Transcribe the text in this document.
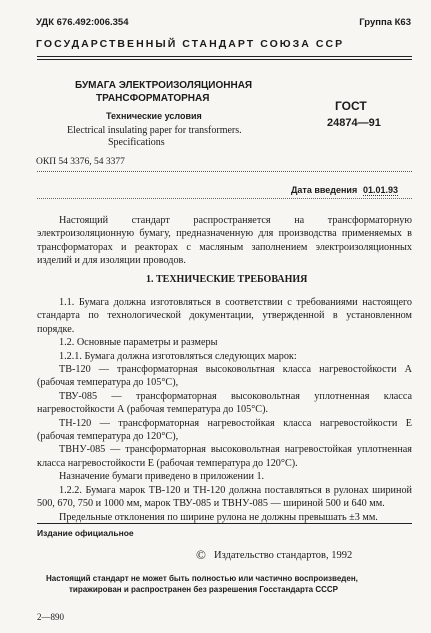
УДК 676.492:006.354	Группа К63
ГОСУДАРСТВЕННЫЙ СТАНДАРТ СОЮЗА ССР
БУМАГА ЭЛЕКТРОИЗОЛЯЦИОННАЯ
ТРАНСФОРМАТОРНАЯ
Технические условия
Electrical insulating paper for transformers.
Specifications
ГОСТ
24874—91
ОКП 54 3376, 54 3377
Дата введения 01.01.93

Настоящий стандарт распространяется на трансформаторную электроизоляционную бумагу, предназначенную для производства применяемых в трансформаторах и реакторах с масляным заполнением электроизоляционных изделий и для изоляции проводов.

1. ТЕХНИЧЕСКИЕ ТРЕБОВАНИЯ

1.1. Бумага должна изготовляться в соответствии с требованиями настоящего стандарта по технологической документации, утвержденной в установленном порядке.

1.2. Основные параметры и размеры

1.2.1. Бумага должна изготовляться следующих марок:

ТВ-120 — трансформаторная высоковольтная класса нагревостойкости А (рабочая температура до 105°С),

ТВУ-085 — трансформаторная высоковольтная уплотненная класса нагревостойкости А (рабочая температура до 105°С).

ТН-120 — трансформаторная нагревостойкая класса нагревостойкости Е (рабочая температура до 120°С),

ТВНУ-085 — трансформаторная высоковольтная нагревостойкая уплотненная класса нагревостойкости Е (рабочая температура до 120°С).

Назначение бумаги приведено в приложении 1.

1.2.2. Бумага марок ТВ-120 и ТН-120 должна поставляться в рулонах шириной 500, 670, 750 и 1000 мм, марок ТВУ-085 и ТВНУ-085 — шириной 500 и 640 мм.

Предельные отклонения по ширине рулона не должны превышать ±3 мм.

Издание официальное
© Издательство стандартов, 1992
Настоящий стандарт не может быть полностью или частично воспроизведен,
тиражирован и распространен без разрешения Госстандарта СССР
2—890
